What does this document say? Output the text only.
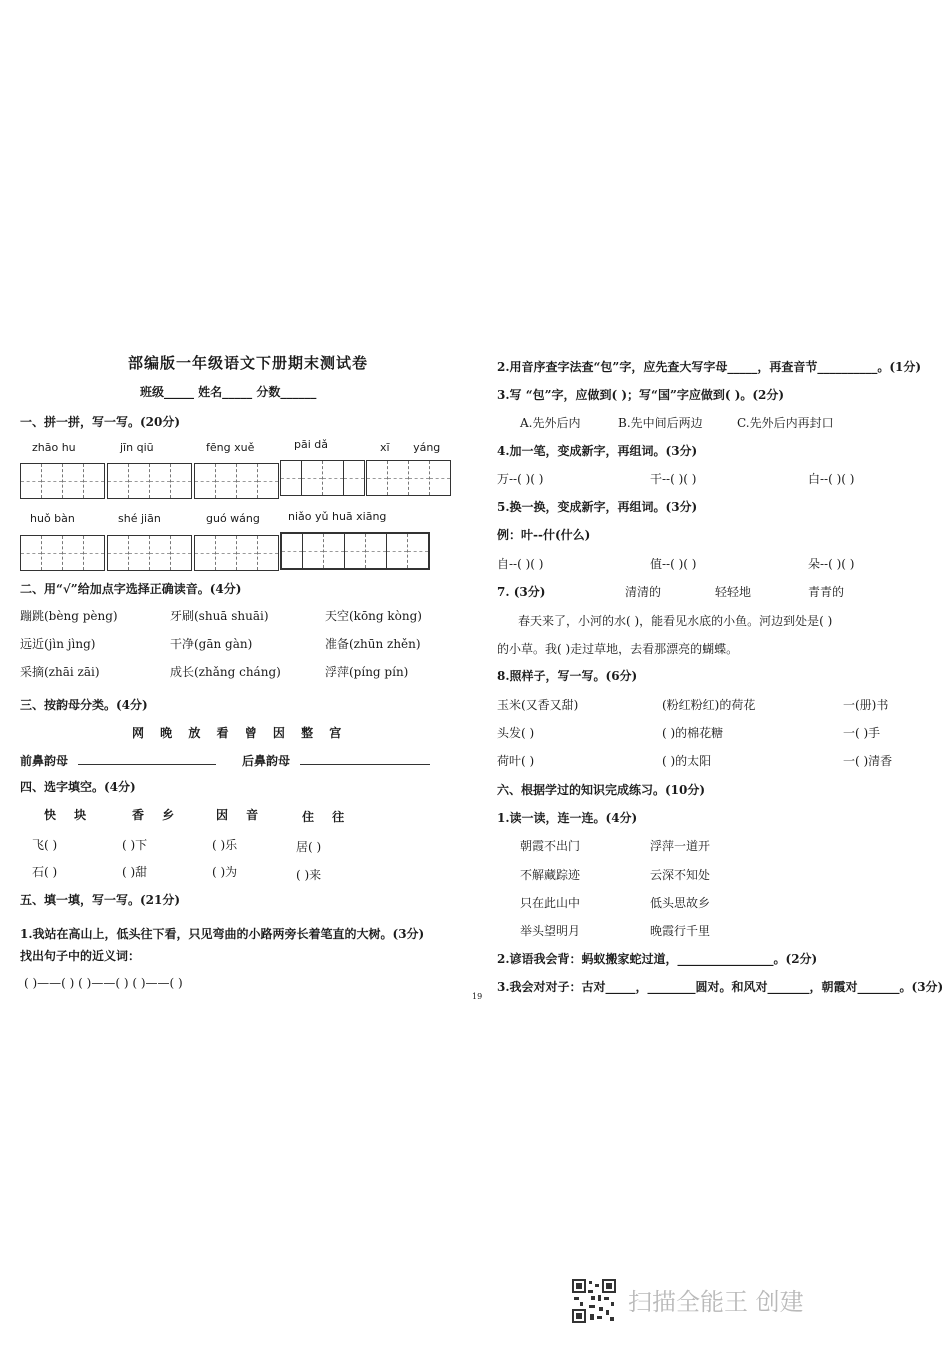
部编版一年级语文下册期末测试卷
班级_____ 姓名_____ 分数______
一、拼一拼，写一写。(20分)
zhāo hu	jīn qiū	fēng xuě	pāi dǎ	xī yáng
huǒ bàn	shé jiān	guó wáng	niǎo yǔ huā xiāng
二、用“√”给加点字选择正确读音。(4分)
蹦跳(bèng pèng)	牙刷(shuā shuāi)	天空(kōng kòng)
远近(jìn jìng)	干净(gān gàn)	准备(zhūn zhěn)
采摘(zhāi zāi)	成长(zhǎng cháng)	浮萍(píng pín)
三、按韵母分类。(4分)
网 晚 放 看 曾 因 整 宫
前鼻韵母	后鼻韵母
四、选字填空。(4分)
快 块	香 乡	因 音	住 往
飞( )	( )下	( )乐	居( )
石( )	( )甜	( )为	( )来
五、填一填，写一写。(21分)
1.我站在高山上，低头往下看，只见弯曲的小路两旁长着笔直的大树。(3分)
找出句子中的近义词：
( )——( ) ( )——( ) ( )——( )
19
2.用音序查字法查“包”字，应先查大写字母_____，再查音节__________。(1分)
3.写 “包”字，应做到( )；写“国”字应做到( )。(2分)
A.先外后内	B.先中间后两边	C.先外后内再封口
4.加一笔，变成新字，再组词。(3分)
万--( )( )	干--( )( )	白--( )( )
5.换一换，变成新字，再组词。(3分)
例：叶--什(什么)
自--( )( )	值--( )( )	朵--( )( )
7. (3分)	清清的	轻轻地	青青的
春天来了，小河的水( )，能看见水底的小鱼。河边到处是( )
的小草。我( )走过草地，去看那漂亮的蝴蝶。
8.照样子，写一写。(6分)
玉米(又香又甜)	(粉红粉红)的荷花	一(册)书
头发( )	( )的棉花糖	一( )手
荷叶( )	( )的太阳	一( )清香
六、根据学过的知识完成练习。(10分)
1.读一读，连一连。(4分)
朝霞不出门
不解藏踪迹
只在此山中
举头望明月
浮萍一道开
云深不知处
低头思故乡
晚霞行千里
2.谚语我会背：蚂蚁搬家蛇过道，________________。(2分)
3.我会对对子：古对_____，________圆对。和风对_______，朝霞对_______。(3分)
扫描全能王 创建
